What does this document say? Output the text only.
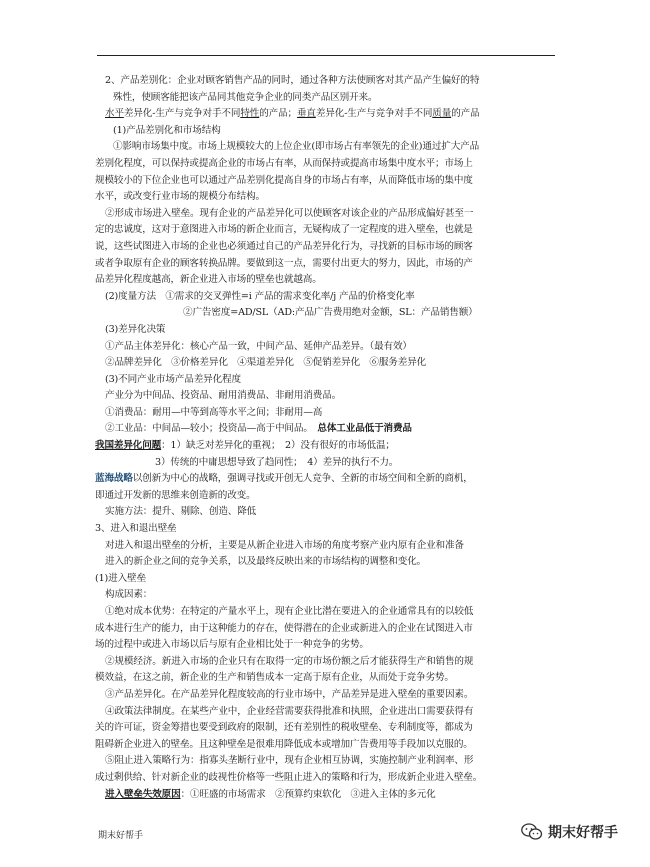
2、产品差别化：企业对顾客销售产品的同时，通过各种方法使顾客对其产品产生偏好的特

殊性，使顾客能把该产品同其他竞争企业的同类产品区别开来。

水平差异化-生产与竞争对手不同特性的产品；垂直差异化-生产与竞争对手不同质量的产品

(1)产品差别化和市场结构

①影响市场集中度。市场上规模较大的上位企业(即市场占有率领先的企业)通过扩大产品

差别化程度，可以保持或提高企业的市场占有率，从而保持或提高市场集中度水平；市场上

规模较小的下位企业也可以通过产品差别化提高自身的市场占有率，从而降低市场的集中度

水平，或改变行业市场的规模分布结构。

②形成市场进入壁垒。现有企业的产品差异化可以使顾客对该企业的产品形成偏好甚至一

定的忠诚度，这对于意图进入市场的新企业而言，无疑构成了一定程度的进入壁垒，也就是

说，这些试图进入市场的企业也必须通过自己的产品差异化行为，寻找新的目标市场的顾客

或者争取原有企业的顾客转换品牌。要做到这一点，需要付出更大的努力，因此，市场的产

品差异化程度越高，新企业进入市场的壁垒也就越高。

(2)度量方法　①需求的交叉弹性=i 产品的需求变化率/j 产品的价格变化率

②广告密度=AD/SL（AD:产品广告费用绝对金额，SL：产品销售额）

(3)差异化决策

①产品主体差异化：核心产品一致，中间产品、延伸产品差异。（最有效）

②品牌差异化　③价格差异化　④渠道差异化　⑤促销差异化　⑥服务差异化

(3)不同产业市场产品差异化程度

产业分为中间品、投资品、耐用消费品、非耐用消费品。

①消费品：耐用—中等到高等水平之间；非耐用—高

②工业品：中间品—较小；投资品—高于中间品。　 总体工业品低于消费品

我国差异化问题：1）缺乏对差异化的重视；　2）没有很好的市场低温；

3）传统的中庸思想导致了趋同性；　4）差异的执行不力。

蓝海战略以创新为中心的战略，强调寻找或开创无人竞争、全新的市场空间和全新的商机，

即通过开发新的思维来创造新的改变。

实施方法：提升、剔除、创造、降低

3、进入和退出壁垒

对进入和退出壁垒的分析，主要是从新企业进入市场的角度考察产业内原有企业和准备

进入的新企业之间的竞争关系，以及最终反映出来的市场结构的调整和变化。

(1)进入壁垒

构成因素：

①绝对成本优势：在特定的产量水平上，现有企业比潜在要进入的企业通常具有的以较低

成本进行生产的能力，由于这种能力的存在，使得潜在的企业或新进入的企业在试图进入市

场的过程中或进入市场以后与原有企业相比处于一种竞争的劣势。

②规模经济。新进入市场的企业只有在取得一定的市场份额之后才能获得生产和销售的规

模效益，在这之前，新企业的生产和销售成本一定高于原有企业，从而处于竞争劣势。

③产品差异化。在产品差异化程度较高的行业市场中，产品差异是进入壁垒的重要因素。

④政策法律制度。在某些产业中，企业经营需要获得批准和执照，企业进出口需要获得有

关的许可证，资金筹措也要受到政府的限制，还有差别性的税收壁垒、专利制度等，都成为

阻碍新企业进入的壁垒。且这种壁垒是很难用降低成本或增加广告费用等手段加以克服的。

⑤阻止进入策略行为：指寡头垄断行业中，现有企业相互协调，实施控制产业利润率、形

成过剩供给、针对新企业的歧视性价格等一些阻止进入的策略和行为，形成新企业进入壁垒。

进入壁垒失效原因：①旺盛的市场需求　②预算约束软化　③进入主体的多元化

期末好帮手	期末好帮手
